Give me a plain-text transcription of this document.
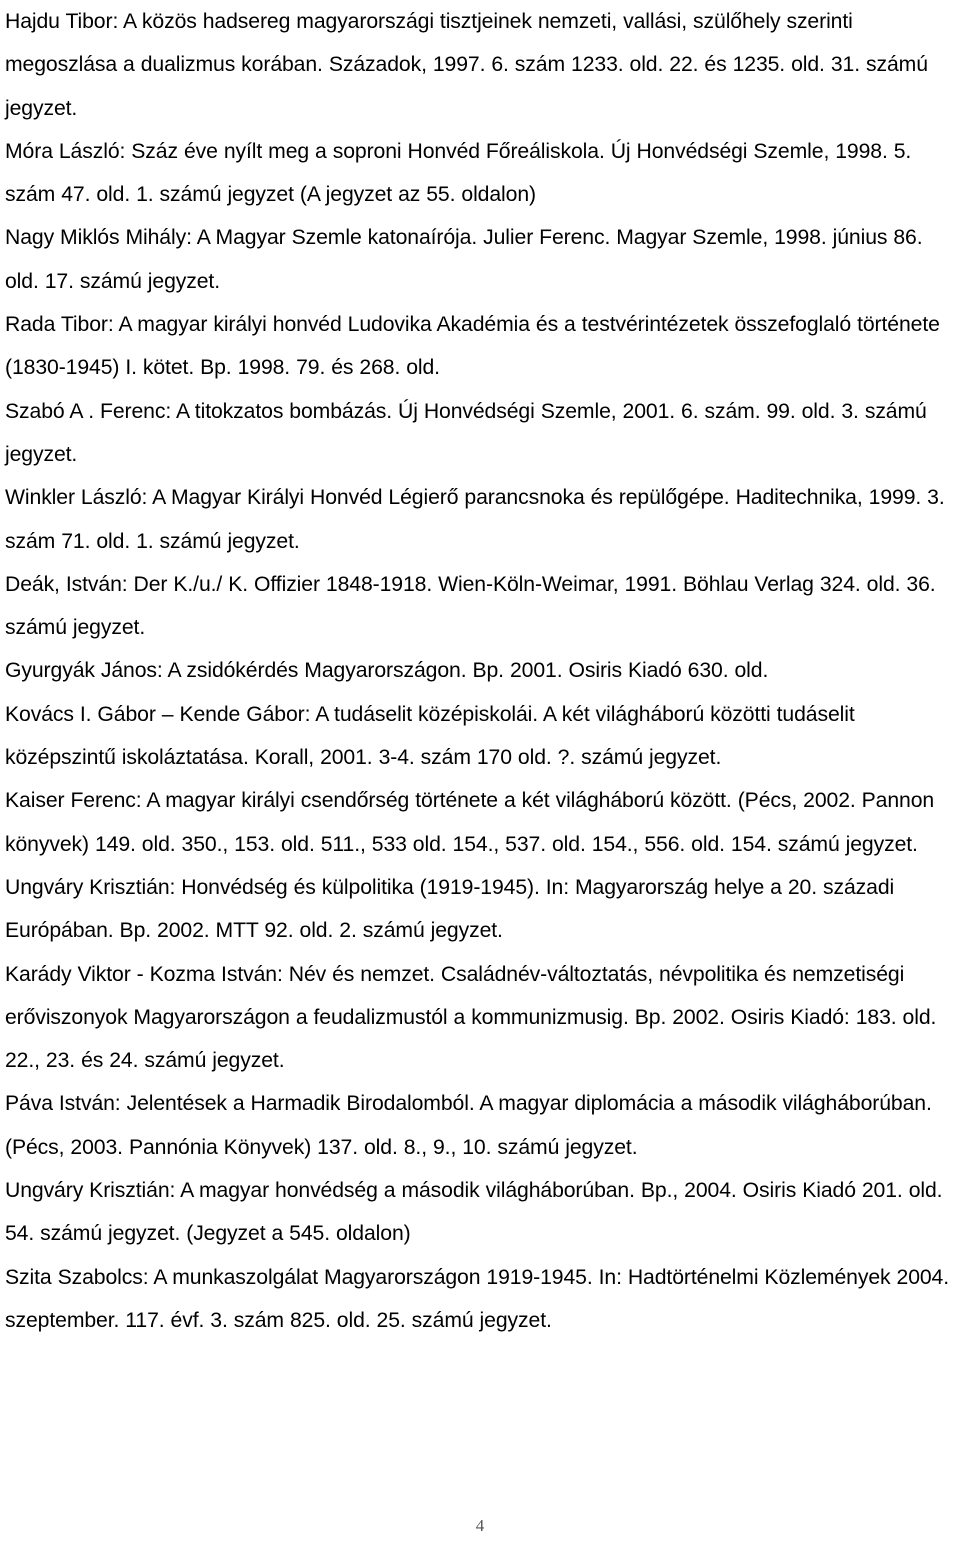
Hajdu Tibor: A közös hadsereg magyarországi tisztjeinek nemzeti, vallási, szülőhely szerinti megoszlása a dualizmus korában. Századok, 1997. 6. szám 1233. old. 22. és 1235. old. 31. számú jegyzet.

Móra László: Száz éve nyílt meg a soproni Honvéd Főreáliskola. Új Honvédségi Szemle, 1998. 5. szám 47. old. 1. számú jegyzet (A jegyzet az 55. oldalon)

Nagy Miklós Mihály: A Magyar Szemle katonaírója. Julier Ferenc. Magyar Szemle, 1998. június 86. old. 17. számú jegyzet.

Rada Tibor: A magyar királyi honvéd Ludovika Akadémia és a testvérintézetek összefoglaló története (1830-1945) I. kötet. Bp. 1998. 79. és 268. old.

Szabó A . Ferenc: A titokzatos bombázás. Új Honvédségi Szemle, 2001. 6. szám. 99. old. 3. számú jegyzet.

Winkler László: A Magyar Királyi Honvéd Légierő parancsnoka és repülőgépe. Haditechnika, 1999. 3. szám 71. old. 1. számú jegyzet.

Deák, István: Der K./u./ K. Offizier 1848-1918. Wien-Köln-Weimar, 1991. Böhlau Verlag 324. old. 36. számú jegyzet.

Gyurgyák János: A zsidókérdés Magyarországon. Bp. 2001. Osiris Kiadó 630. old.

Kovács I. Gábor – Kende Gábor: A tudáselit középiskolái. A két világháború közötti tudáselit középszintű iskoláztatása. Korall, 2001. 3-4. szám 170 old. ?. számú jegyzet.

Kaiser Ferenc: A magyar királyi csendőrség története a két világháború között. (Pécs, 2002. Pannon könyvek) 149. old. 350., 153. old. 511., 533 old. 154., 537. old. 154., 556. old. 154. számú jegyzet.

Ungváry Krisztián: Honvédség és külpolitika (1919-1945). In: Magyarország helye a 20. századi Európában. Bp. 2002. MTT 92. old. 2. számú jegyzet.

Karády Viktor - Kozma István: Név és nemzet. Családnév-változtatás, névpolitika és nemzetiségi erőviszonyok Magyarországon a feudalizmustól a kommunizmusig. Bp. 2002. Osiris Kiadó: 183. old. 22., 23. és 24. számú jegyzet.

Páva István: Jelentések a Harmadik Birodalomból. A magyar diplomácia a második világháborúban. (Pécs, 2003. Pannónia Könyvek) 137. old. 8., 9., 10. számú jegyzet.

Ungváry Krisztián: A magyar honvédség a második világháborúban. Bp., 2004. Osiris Kiadó 201. old. 54. számú jegyzet. (Jegyzet a 545. oldalon)

Szita Szabolcs: A munkaszolgálat Magyarországon 1919-1945. In: Hadtörténelmi Közlemények 2004. szeptember. 117. évf. 3. szám 825. old. 25. számú jegyzet.

4
